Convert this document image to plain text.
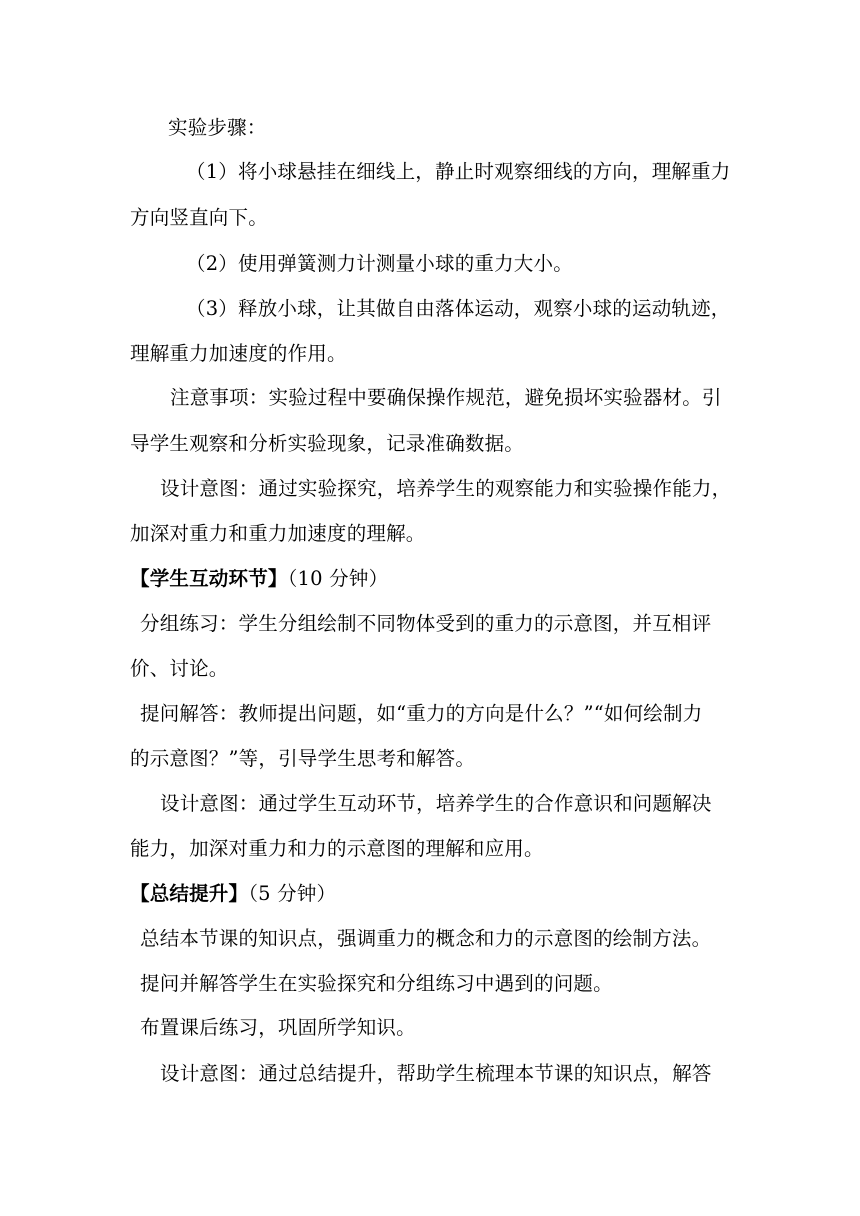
实验步骤：
（1）将小球悬挂在细线上，静止时观察细线的方向，理解重力
方向竖直向下。
（2）使用弹簧测力计测量小球的重力大小。
（3）释放小球，让其做自由落体运动，观察小球的运动轨迹，
理解重力加速度的作用。
注意事项：实验过程中要确保操作规范，避免损坏实验器材。引
导学生观察和分析实验现象，记录准确数据。
设计意图：通过实验探究，培养学生的观察能力和实验操作能力，
加深对重力和重力加速度的理解。
【学生互动环节】（10 分钟）
分组练习：学生分组绘制不同物体受到的重力的示意图，并互相评
价、讨论。
提问解答：教师提出问题，如“重力的方向是什么？”“如何绘制力
的示意图？”等，引导学生思考和解答。
设计意图：通过学生互动环节，培养学生的合作意识和问题解决
能力，加深对重力和力的示意图的理解和应用。
【总结提升】（5 分钟）
总结本节课的知识点，强调重力的概念和力的示意图的绘制方法。
提问并解答学生在实验探究和分组练习中遇到的问题。
布置课后练习，巩固所学知识。
设计意图：通过总结提升，帮助学生梳理本节课的知识点，解答
